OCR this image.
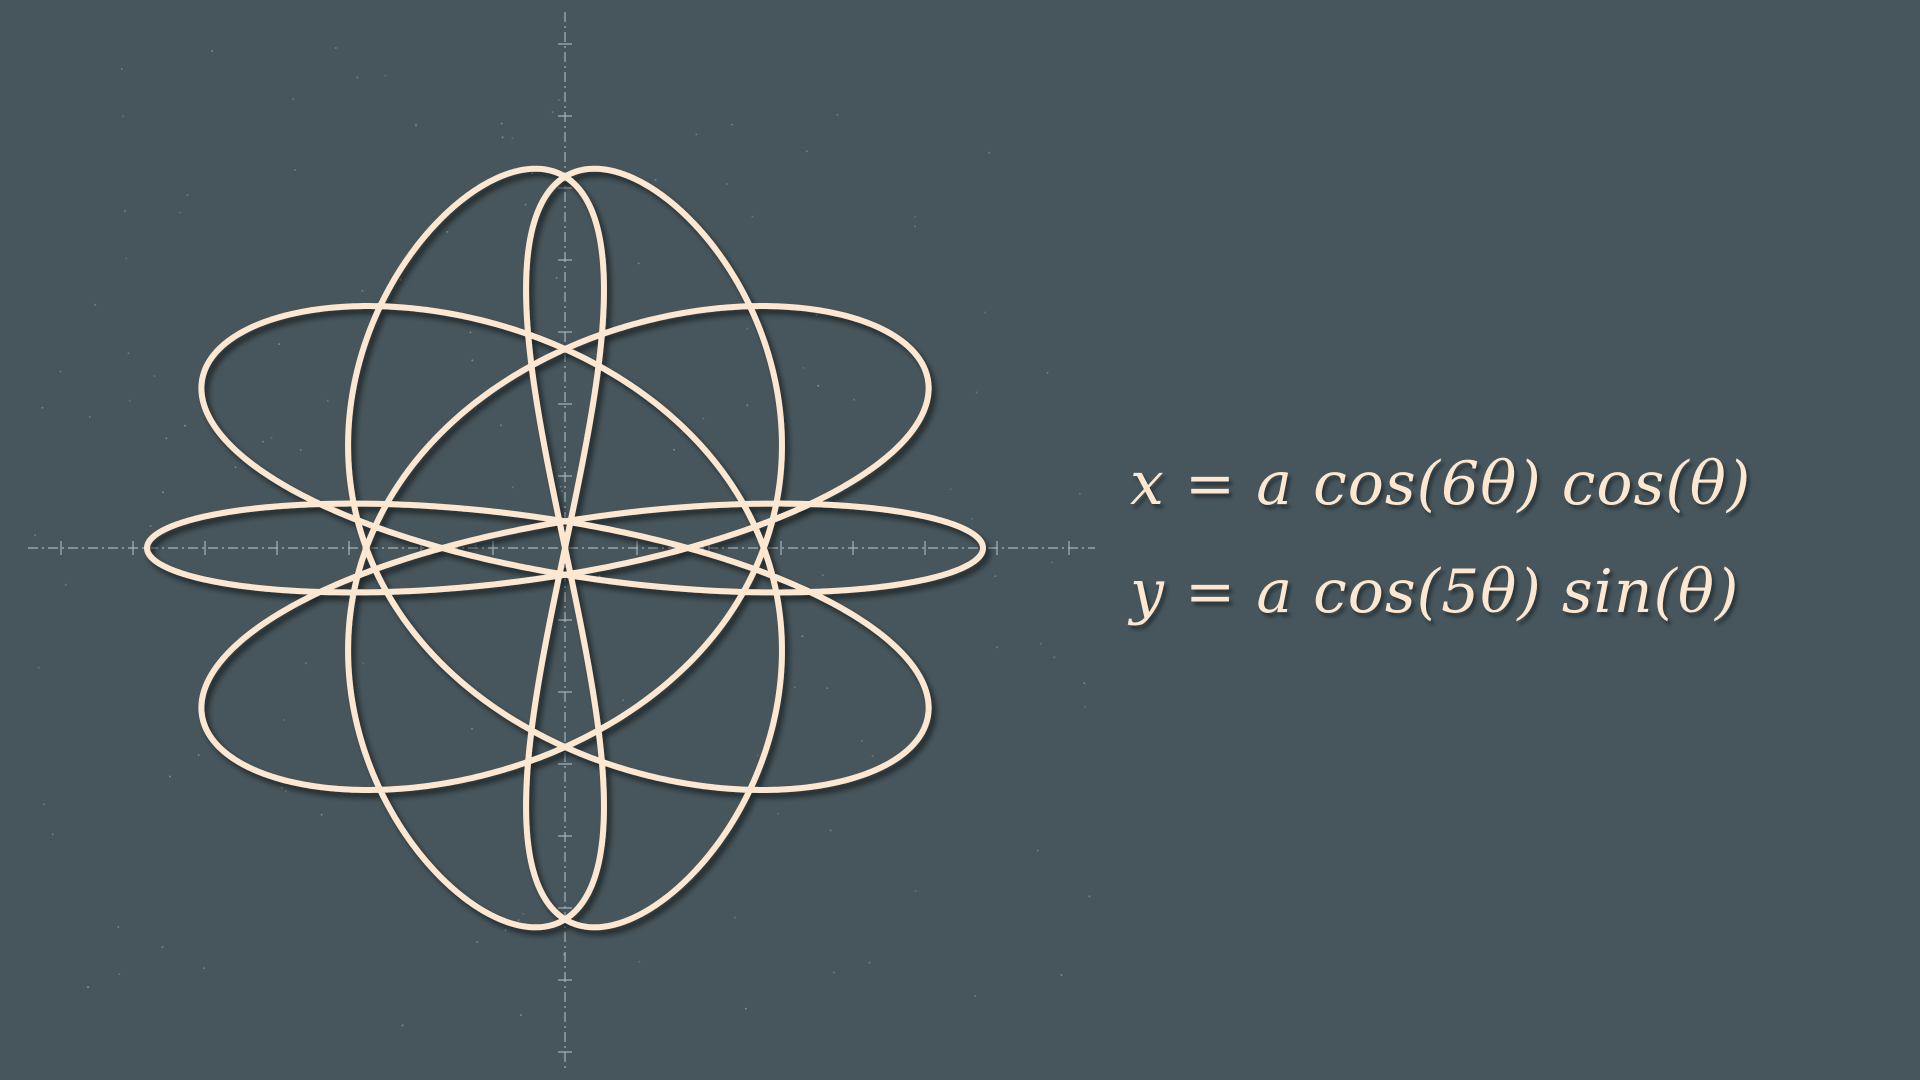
x = a cos(6θ) cos(θ)
y = a cos(5θ) sin(θ)
